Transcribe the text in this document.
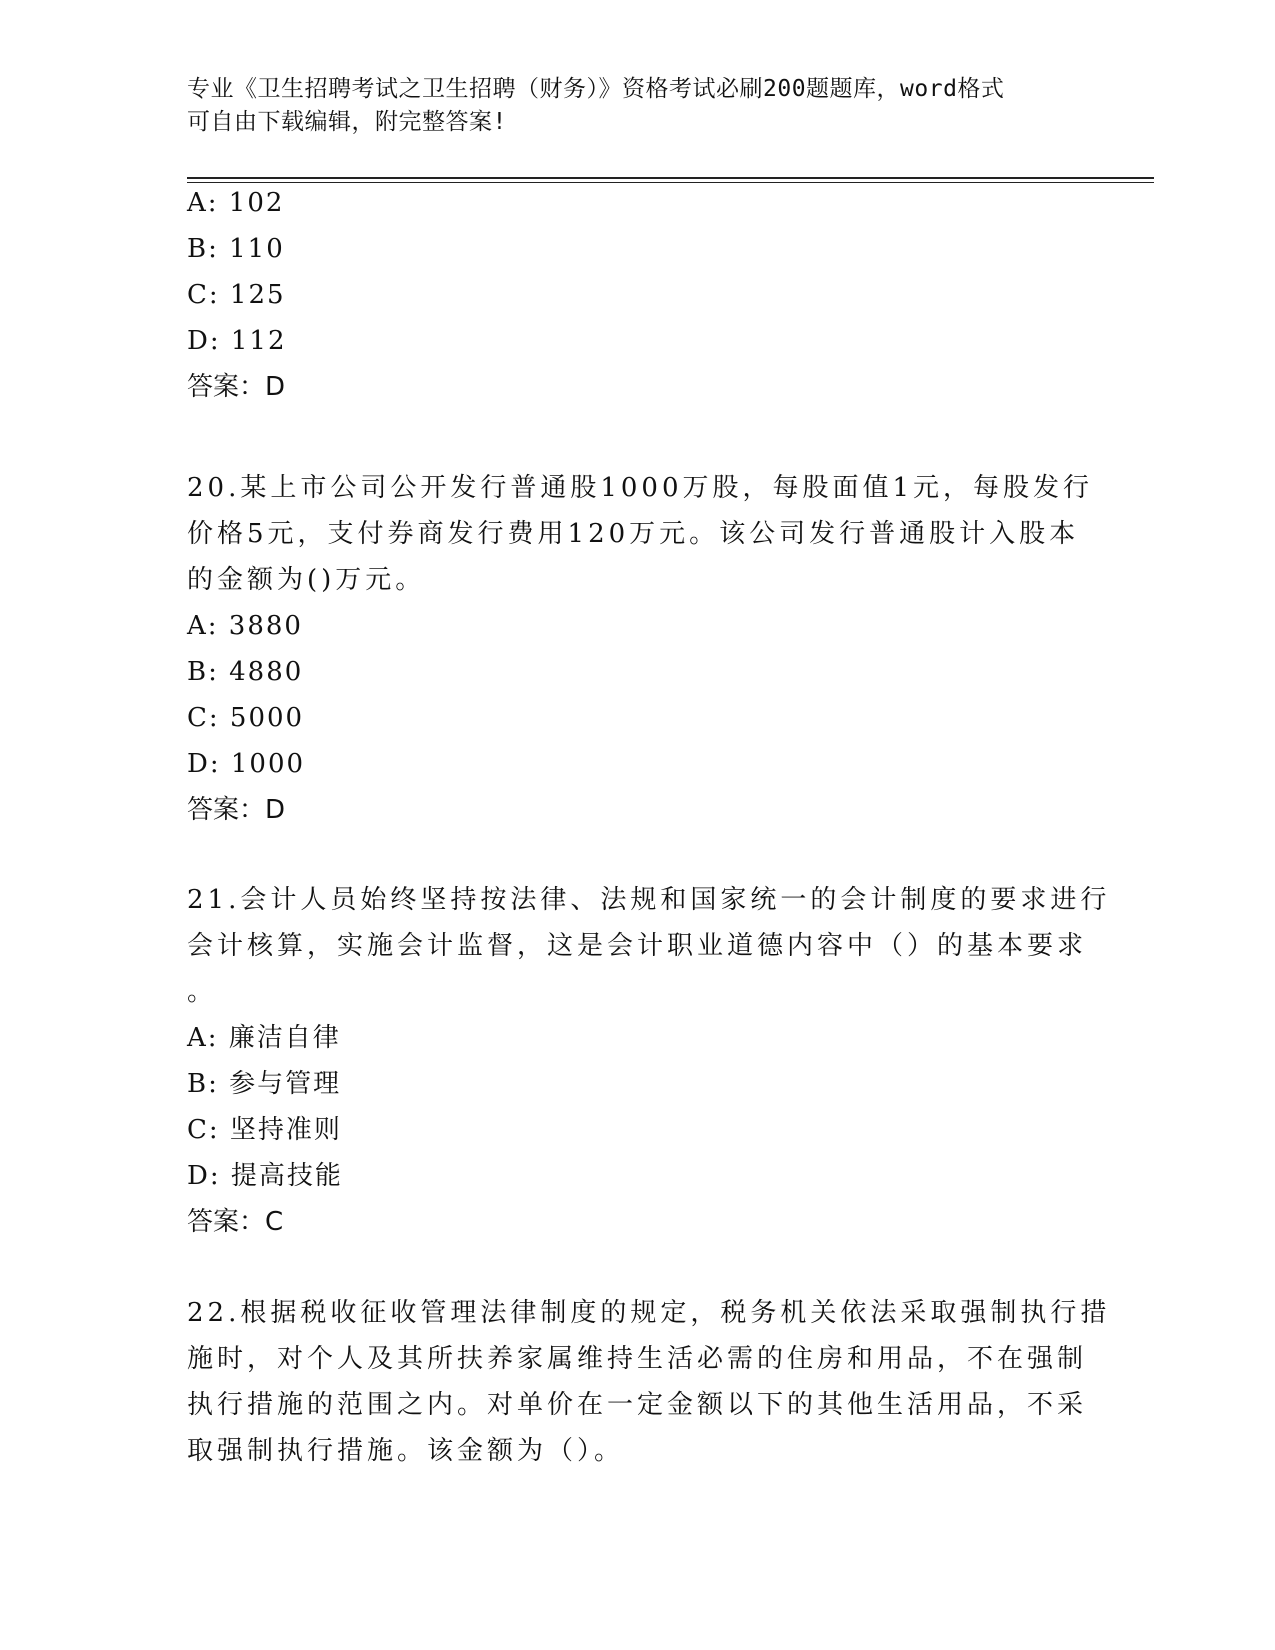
专业《卫生招聘考试之卫生招聘（财务）》资格考试必刷200题题库，word格式
可自由下载编辑，附完整答案!
A: 102
B: 110
C: 125
D: 112
答案：D
20.某上市公司公开发行普通股1000万股，每股面值1元，每股发行
价格5元，支付券商发行费用120万元。该公司发行普通股计入股本
的金额为()万元。
A: 3880
B: 4880
C: 5000
D: 1000
答案：D
21.会计人员始终坚持按法律、法规和国家统一的会计制度的要求进行
会计核算，实施会计监督，这是会计职业道德内容中（）的基本要求
。
A: 廉洁自律
B: 参与管理
C: 坚持准则
D: 提高技能
答案：C
22.根据税收征收管理法律制度的规定，税务机关依法采取强制执行措
施时，对个人及其所扶养家属维持生活必需的住房和用品，不在强制
执行措施的范围之内。对单价在一定金额以下的其他生活用品，不采
取强制执行措施。该金额为（）。
